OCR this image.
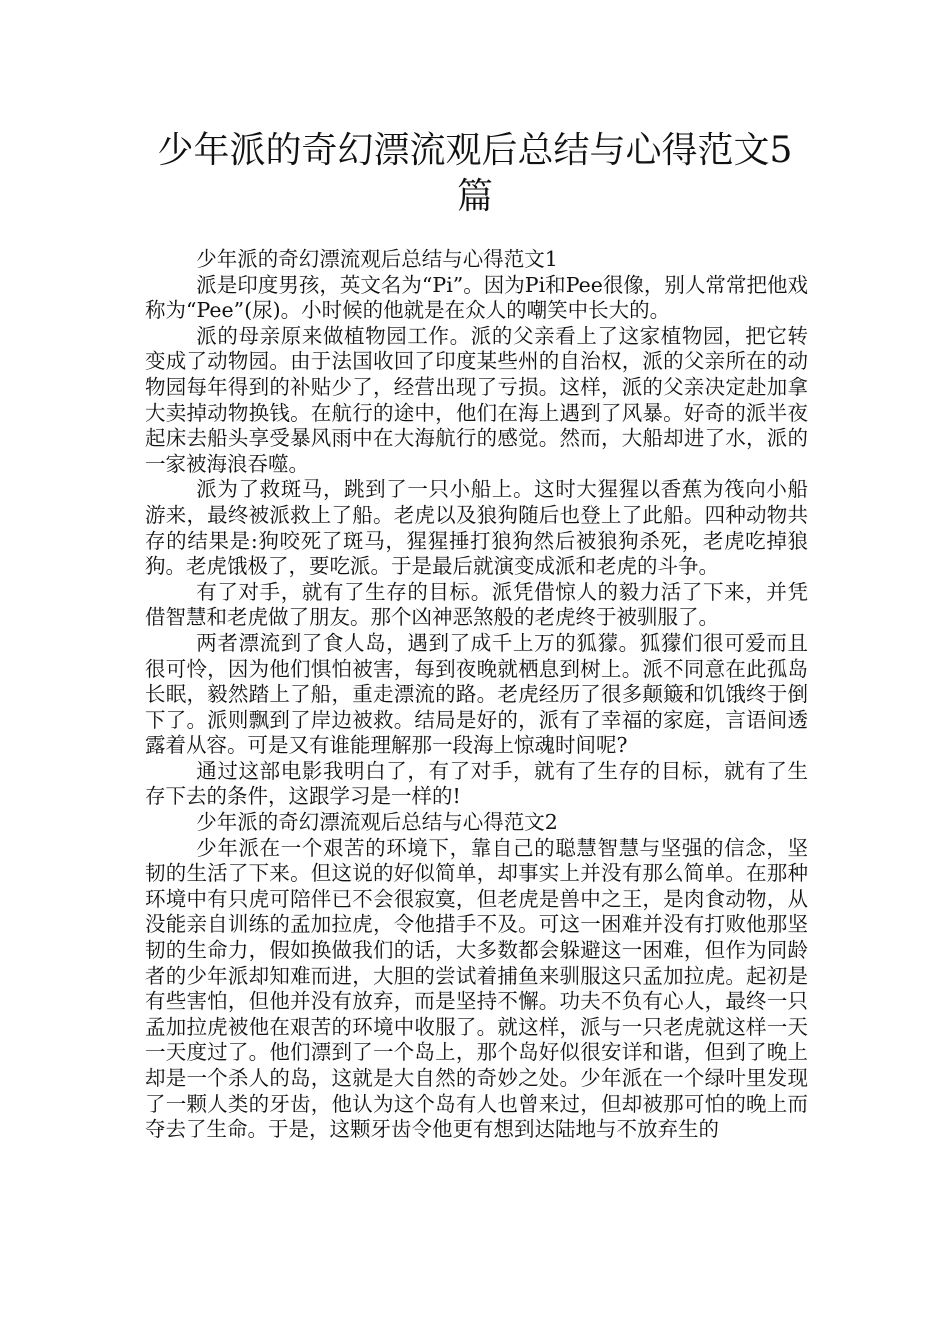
少年派的奇幻漂流观后总结与心得范文5篇

少年派的奇幻漂流观后总结与心得范文1

派是印度男孩，英文名为“Pi”。因为Pi和Pee很像，别人常常把他戏称为“Pee”(尿)。小时候的他就是在众人的嘲笑中长大的。

派的母亲原来做植物园工作。派的父亲看上了这家植物园，把它转变成了动物园。由于法国收回了印度某些州的自治权，派的父亲所在的动物园每年得到的补贴少了，经营出现了亏损。这样，派的父亲决定赴加拿大卖掉动物换钱。在航行的途中，他们在海上遇到了风暴。好奇的派半夜起床去船头享受暴风雨中在大海航行的感觉。然而，大船却进了水，派的一家被海浪吞噬。

派为了救斑马，跳到了一只小船上。这时大猩猩以香蕉为筏向小船游来，最终被派救上了船。老虎以及狼狗随后也登上了此船。四种动物共存的结果是:狗咬死了斑马，猩猩捶打狼狗然后被狼狗杀死，老虎吃掉狼狗。老虎饿极了，要吃派。于是最后就演变成派和老虎的斗争。

有了对手，就有了生存的目标。派凭借惊人的毅力活了下来，并凭借智慧和老虎做了朋友。那个凶神恶煞般的老虎终于被驯服了。

两者漂流到了食人岛，遇到了成千上万的狐獴。狐獴们很可爱而且很可怜，因为他们惧怕被害，每到夜晚就栖息到树上。派不同意在此孤岛长眠，毅然踏上了船，重走漂流的路。老虎经历了很多颠簸和饥饿终于倒下了。派则飘到了岸边被救。结局是好的，派有了幸福的家庭，言语间透露着从容。可是又有谁能理解那一段海上惊魂时间呢?

通过这部电影我明白了，有了对手，就有了生存的目标，就有了生存下去的条件，这跟学习是一样的!

少年派的奇幻漂流观后总结与心得范文2

少年派在一个艰苦的环境下，靠自己的聪慧智慧与坚强的信念，坚韧的生活了下来。但这说的好似简单，却事实上并没有那么简单。在那种环境中有只虎可陪伴已不会很寂寞，但老虎是兽中之王，是肉食动物，从没能亲自训练的孟加拉虎，令他措手不及。可这一困难并没有打败他那坚韧的生命力，假如换做我们的话，大多数都会躲避这一困难，但作为同龄者的少年派却知难而进，大胆的尝试着捕鱼来驯服这只孟加拉虎。起初是有些害怕，但他并没有放弃，而是坚持不懈。功夫不负有心人，最终一只孟加拉虎被他在艰苦的环境中收服了。就这样，派与一只老虎就这样一天一天度过了。他们漂到了一个岛上，那个岛好似很安详和谐，但到了晚上却是一个杀人的岛，这就是大自然的奇妙之处。少年派在一个绿叶里发现了一颗人类的牙齿，他认为这个岛有人也曾来过，但却被那可怕的晚上而夺去了生命。于是，这颗牙齿令他更有想到达陆地与不放弃生的
